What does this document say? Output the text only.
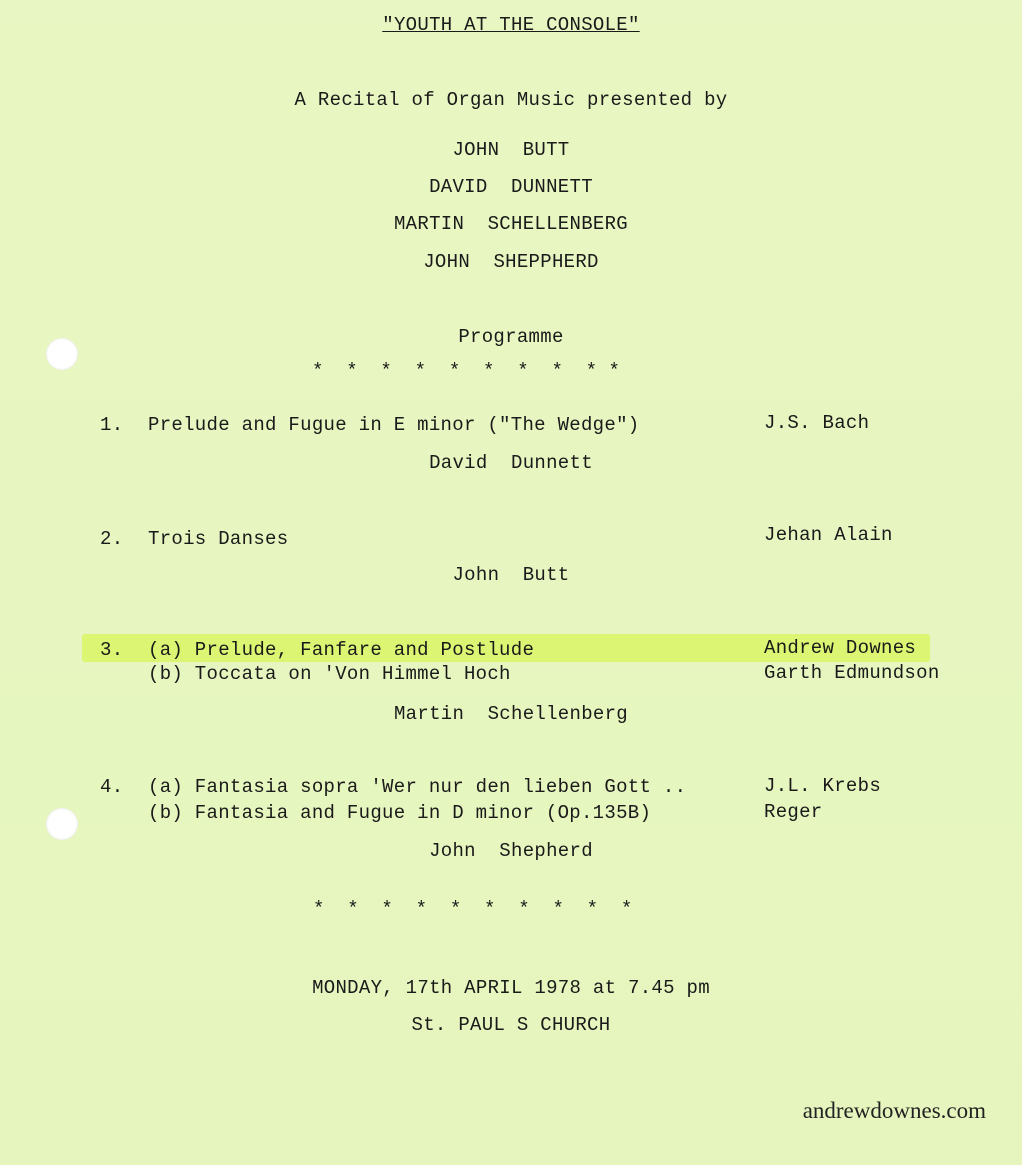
"YOUTH AT THE CONSOLE"
A Recital of Organ Music presented by
JOHN  BUTT
DAVID  DUNNETT
MARTIN  SCHELLENBERG
JOHN  SHEPPHERD
Programme
*  *  *  *  *  *  *  *  * *
1. Prelude and Fugue in E minor ("The Wedge")	J.S. Bach
David  Dunnett
2. Trois Danses	Jehan Alain
John  Butt
3. (a) Prelude, Fanfare and Postlude
(b) Toccata on 'Von Himmel Hoch
Andrew Downes
Garth Edmundson
Martin  Schellenberg
4. (a) Fantasia sopra 'Wer nur den lieben Gott ..
(b) Fantasia and Fugue in D minor (Op.135B)
J.L. Krebs
Reger
John  Shepherd
*  *  *  *  *  *  *  *  *  *
MONDAY, 17th APRIL 1978 at 7.45 pm
St. PAUL S CHURCH
andrewdownes.com
